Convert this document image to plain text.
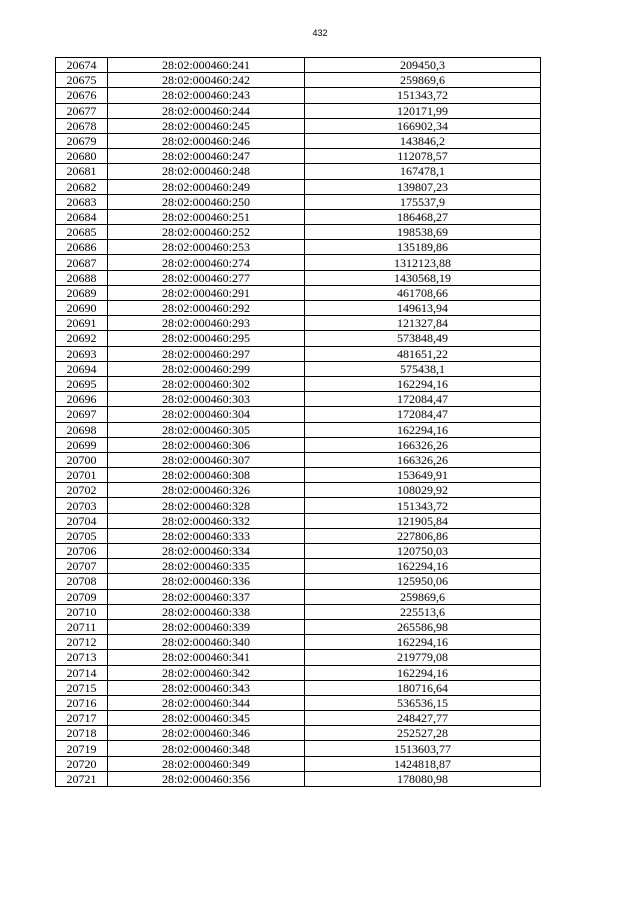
432
20674	28:02:000460:241	209450,3
20675	28:02:000460:242	259869,6
20676	28:02:000460:243	151343,72
20677	28:02:000460:244	120171,99
20678	28:02:000460:245	166902,34
20679	28:02:000460:246	143846,2
20680	28:02:000460:247	112078,57
20681	28:02:000460:248	167478,1
20682	28:02:000460:249	139807,23
20683	28:02:000460:250	175537,9
20684	28:02:000460:251	186468,27
20685	28:02:000460:252	198538,69
20686	28:02:000460:253	135189,86
20687	28:02:000460:274	1312123,88
20688	28:02:000460:277	1430568,19
20689	28:02:000460:291	461708,66
20690	28:02:000460:292	149613,94
20691	28:02:000460:293	121327,84
20692	28:02:000460:295	573848,49
20693	28:02:000460:297	481651,22
20694	28:02:000460:299	575438,1
20695	28:02:000460:302	162294,16
20696	28:02:000460:303	172084,47
20697	28:02:000460:304	172084,47
20698	28:02:000460:305	162294,16
20699	28:02:000460:306	166326,26
20700	28:02:000460:307	166326,26
20701	28:02:000460:308	153649,91
20702	28:02:000460:326	108029,92
20703	28:02:000460:328	151343,72
20704	28:02:000460:332	121905,84
20705	28:02:000460:333	227806,86
20706	28:02:000460:334	120750,03
20707	28:02:000460:335	162294,16
20708	28:02:000460:336	125950,06
20709	28:02:000460:337	259869,6
20710	28:02:000460:338	225513,6
20711	28:02:000460:339	265586,98
20712	28:02:000460:340	162294,16
20713	28:02:000460:341	219779,08
20714	28:02:000460:342	162294,16
20715	28:02:000460:343	180716,64
20716	28:02:000460:344	536536,15
20717	28:02:000460:345	248427,77
20718	28:02:000460:346	252527,28
20719	28:02:000460:348	1513603,77
20720	28:02:000460:349	1424818,87
20721	28:02:000460:356	178080,98
